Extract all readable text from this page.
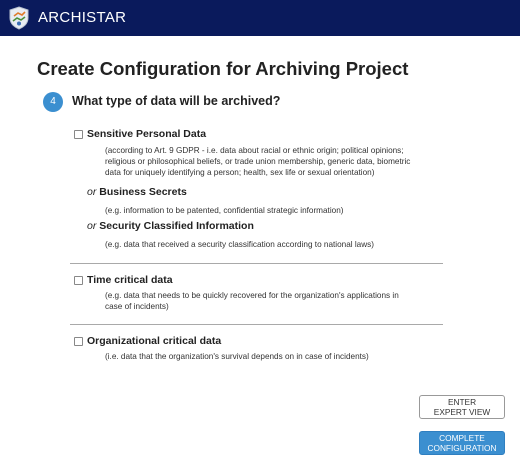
ARCHISTAR
Create Configuration for Archiving Project
4	What type of data will be archived?
Sensitive Personal Data
(according to Art. 9 GDPR - i.e. data about racial or ethnic origin; political opinions;
religious or philosophical beliefs, or trade union membership, generic data, biometric
data for uniquely identifying a person; health, sex life or sexual orientation)
or Business Secrets
(e.g. information to be patented, confidential strategic information)
or Security Classified Information
(e.g. data that received a security classification according to national laws)
Time critical data
(e.g. data that needs to be quickly recovered for the organization's applications in
case of incidents)
Organizational critical data
(i.e. data that the organization's survival depends on in case of incidents)
ENTER
EXPERT VIEW
COMPLETE
CONFIGURATION
